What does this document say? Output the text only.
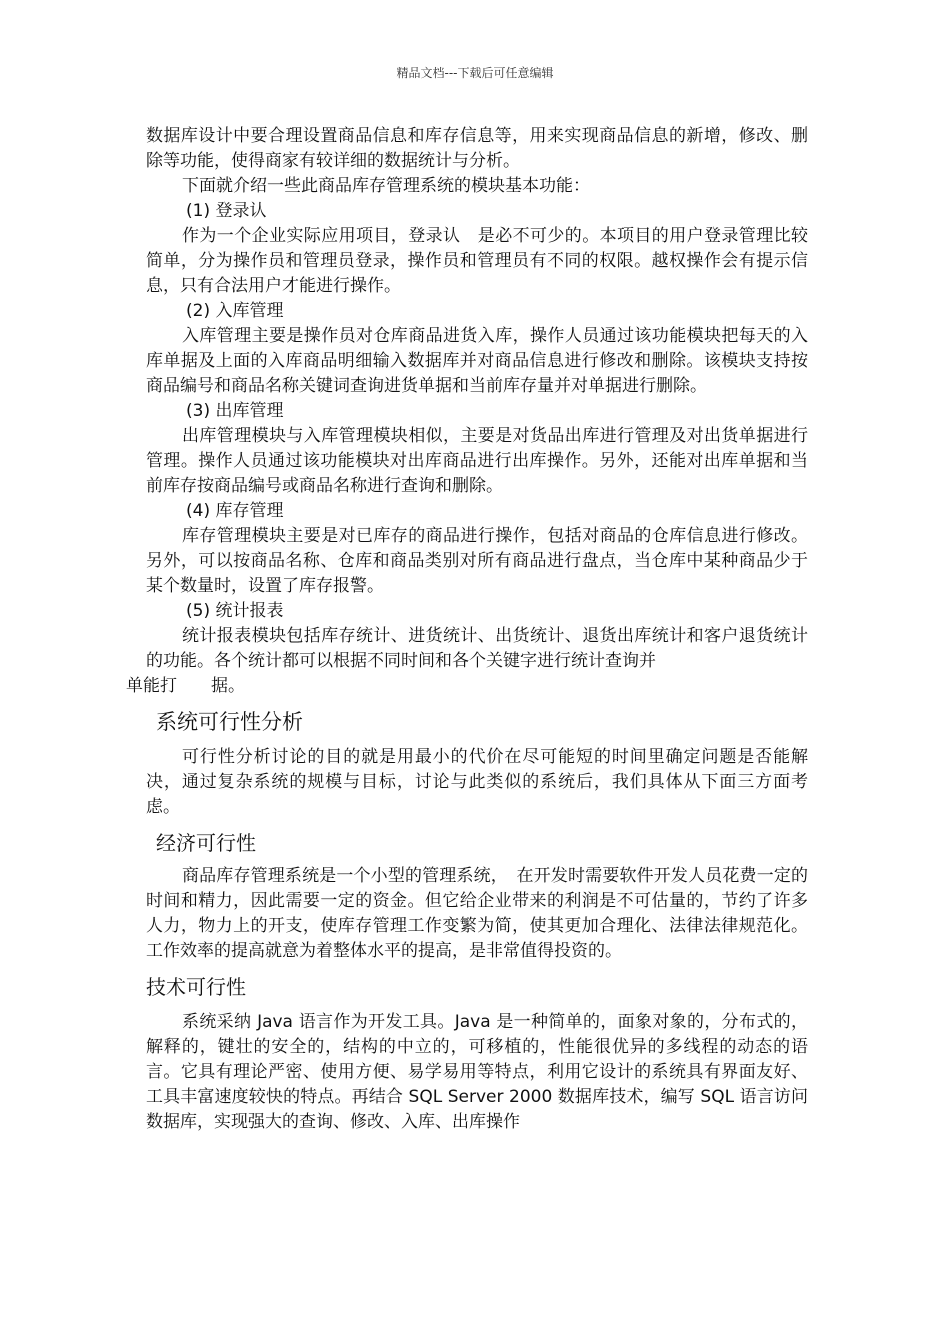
精品文档---下载后可任意编辑

数据库设计中要合理设置商品信息和库存信息等，用来实现商品信息的新增，修改、删除等功能，使得商家有较详细的数据统计与分析。

下面就介绍一些此商品库存管理系统的模块基本功能：

(1) 登录认

作为一个企业实际应用项目，登录认　是必不可少的。本项目的用户登录管理比较简单，分为操作员和管理员登录，操作员和管理员有不同的权限。越权操作会有提示信息，只有合法用户才能进行操作。

(2) 入库管理

入库管理主要是操作员对仓库商品进货入库，操作人员通过该功能模块把每天的入库单据及上面的入库商品明细输入数据库并对商品信息进行修改和删除。该模块支持按商品编号和商品名称关键词查询进货单据和当前库存量并对单据进行删除。

(3) 出库管理

出库管理模块与入库管理模块相似，主要是对货品出库进行管理及对出货单据进行管理。操作人员通过该功能模块对出库商品进行出库操作。另外，还能对出库单据和当前库存按商品编号或商品名称进行查询和删除。

(4) 库存管理

库存管理模块主要是对已库存的商品进行操作，包括对商品的仓库信息进行修改。另外，可以按商品名称、仓库和商品类别对所有商品进行盘点，当仓库中某种商品少于某个数量时，设置了库存报警。

(5) 统计报表

统计报表模块包括库存统计、进货统计、出货统计、退货出库统计和客户退货统计的功能。各个统计都可以根据不同时间和各个关键字进行统计查询并

单能打　　据。

系统可行性分析

可行性分析讨论的目的就是用最小的代价在尽可能短的时间里确定问题是否能解决，通过复杂系统的规模与目标，讨论与此类似的系统后，我们具体从下面三方面考虑。

经济可行性

商品库存管理系统是一个小型的管理系统，　在开发时需要软件开发人员花费一定的时间和精力，因此需要一定的资金。但它给企业带来的利润是不可估量的，节约了许多人力，物力上的开支，使库存管理工作变繁为简，使其更加合理化、法律法律规范化。工作效率的提高就意为着整体水平的提高，是非常值得投资的。

技术可行性

系统采纳 Java 语言作为开发工具。Java 是一种简单的，面象对象的，分布式的，解释的，键壮的安全的，结构的中立的，可移植的，性能很优异的多线程的动态的语言。它具有理论严密、使用方便、易学易用等特点，利用它设计的系统具有界面友好、工具丰富速度较快的特点。再结合 SQL Server 2000 数据库技术，编写 SQL 语言访问数据库，实现强大的查询、修改、入库、出库操作
